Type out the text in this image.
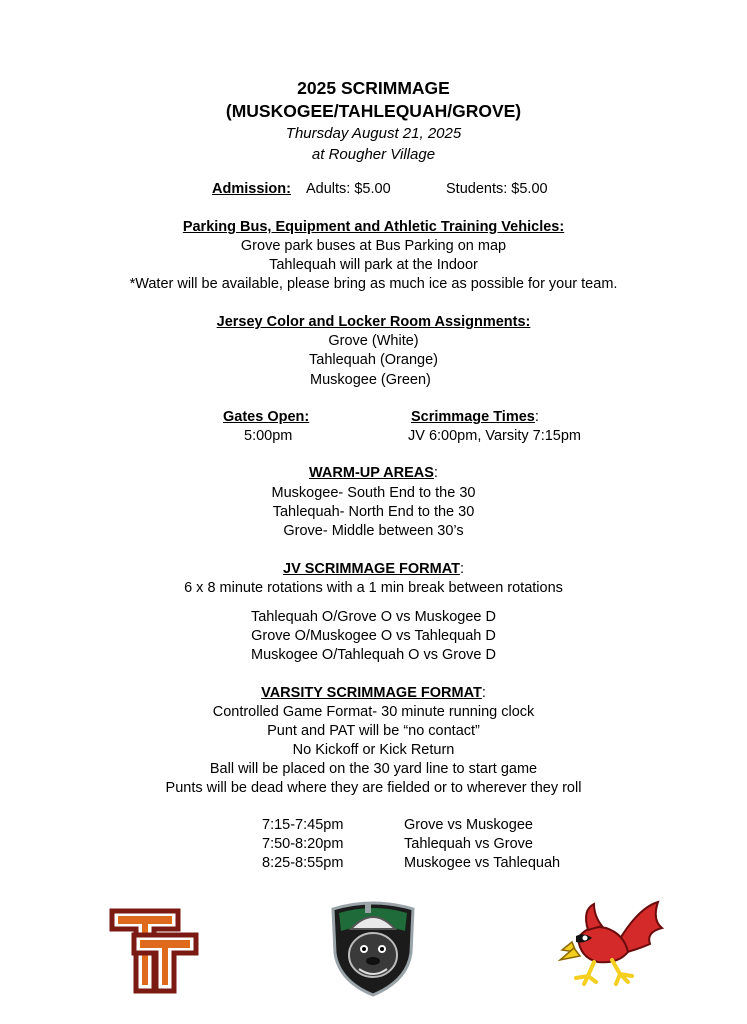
2025 SCRIMMAGE
(MUSKOGEE/TAHLEQUAH/GROVE)
Thursday August 21, 2025
at Rougher Village
Admission: Adults: $5.00	Students: $5.00
Parking Bus, Equipment and Athletic Training Vehicles:
Grove park buses at Bus Parking on map
Tahlequah will park at the Indoor
*Water will be available, please bring as much ice as possible for your team.
Jersey Color and Locker Room Assignments:
Grove (White)
Tahlequah (Orange)
Muskogee (Green)
Gates Open:	Scrimmage Times:
5:00pm	JV 6:00pm, Varsity 7:15pm
WARM-UP AREAS:
Muskogee- South End to the 30
Tahlequah- North End to the 30
Grove- Middle between 30’s
JV SCRIMMAGE FORMAT:
6 x 8 minute rotations with a 1 min break between rotations
Tahlequah O/Grove O vs Muskogee D
Grove O/Muskogee O vs Tahlequah D
Muskogee O/Tahlequah O vs Grove D
VARSITY SCRIMMAGE FORMAT:
Controlled Game Format- 30 minute running clock
Punt and PAT will be “no contact”
No Kickoff or Kick Return
Ball will be placed on the 30 yard line to start game
Punts will be dead where they are fielded or to wherever they roll
7:15-7:45pm	Grove vs Muskogee
7:50-8:20pm	Tahlequah vs Grove
8:25-8:55pm	Muskogee vs Tahlequah
